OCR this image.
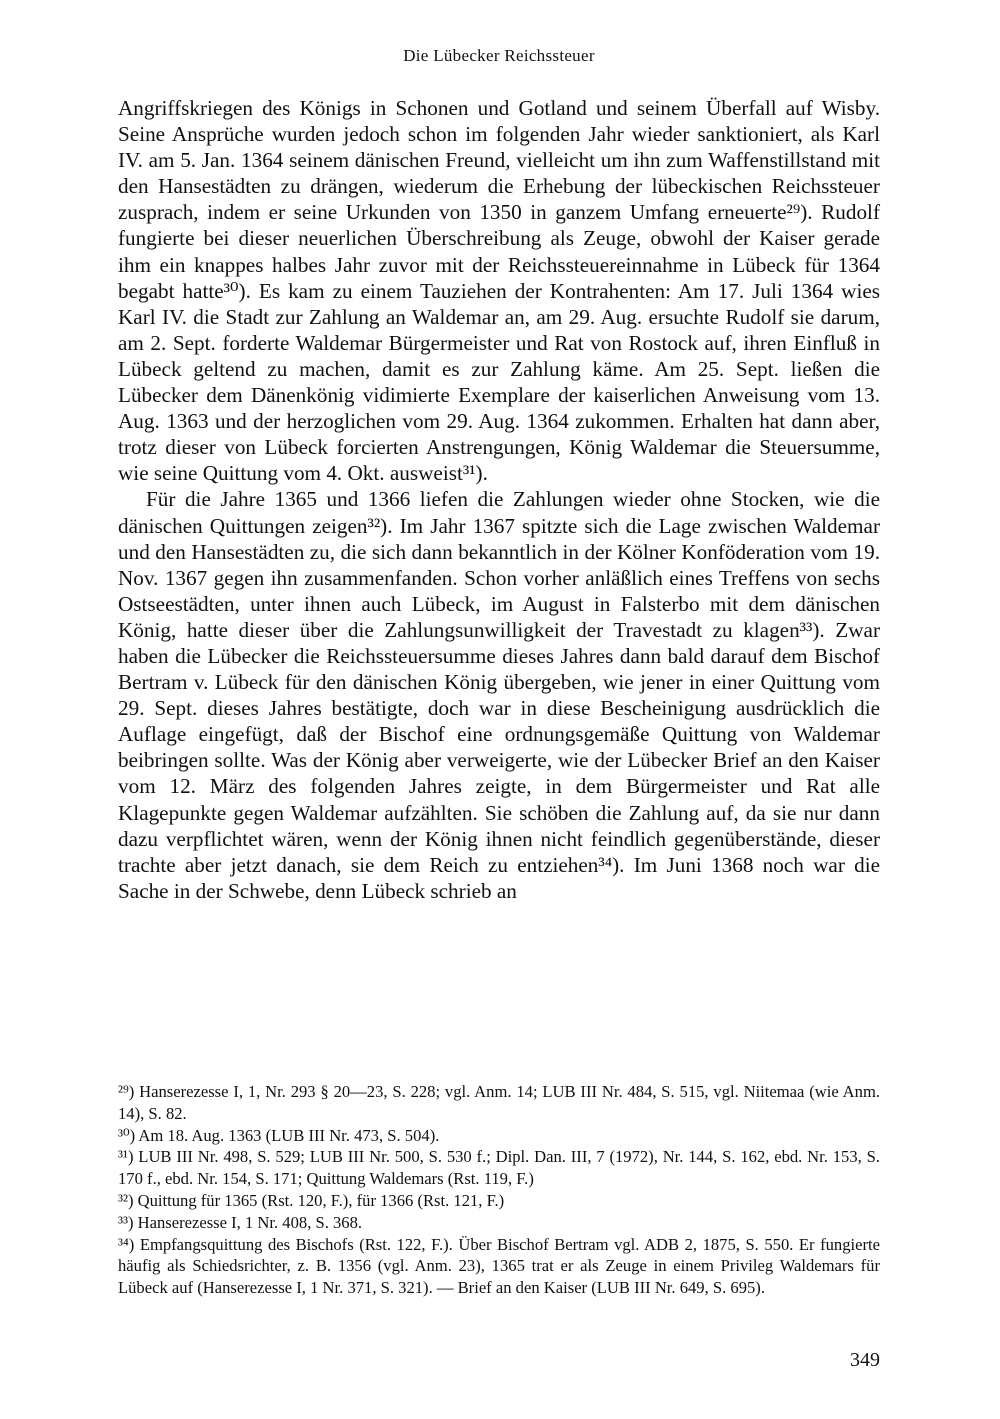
Die Lübecker Reichssteuer

Angriffskriegen des Königs in Schonen und Gotland und seinem Überfall auf Wisby. Seine Ansprüche wurden jedoch schon im folgenden Jahr wieder sanktioniert, als Karl IV. am 5. Jan. 1364 seinem dänischen Freund, vielleicht um ihn zum Waffenstillstand mit den Hansestädten zu drängen, wiederum die Erhebung der lübeckischen Reichssteuer zusprach, indem er seine Urkunden von 1350 in ganzem Umfang erneuerte²⁹). Rudolf fungierte bei dieser neuerlichen Überschreibung als Zeuge, obwohl der Kaiser gerade ihm ein knappes halbes Jahr zuvor mit der Reichssteuereinnahme in Lübeck für 1364 begabt hatte³⁰). Es kam zu einem Tauziehen der Kontrahenten: Am 17. Juli 1364 wies Karl IV. die Stadt zur Zahlung an Waldemar an, am 29. Aug. ersuchte Rudolf sie darum, am 2. Sept. forderte Waldemar Bürgermeister und Rat von Rostock auf, ihren Einfluß in Lübeck geltend zu machen, damit es zur Zahlung käme. Am 25. Sept. ließen die Lübecker dem Dänenkönig vidimierte Exemplare der kaiserlichen Anweisung vom 13. Aug. 1363 und der herzoglichen vom 29. Aug. 1364 zukommen. Erhalten hat dann aber, trotz dieser von Lübeck forcierten Anstrengungen, König Waldemar die Steuersumme, wie seine Quittung vom 4. Okt. ausweist³¹).

Für die Jahre 1365 und 1366 liefen die Zahlungen wieder ohne Stocken, wie die dänischen Quittungen zeigen³²). Im Jahr 1367 spitzte sich die Lage zwischen Waldemar und den Hansestädten zu, die sich dann bekanntlich in der Kölner Konföderation vom 19. Nov. 1367 gegen ihn zusammenfanden. Schon vorher anläßlich eines Treffens von sechs Ostseestädten, unter ihnen auch Lübeck, im August in Falsterbo mit dem dänischen König, hatte dieser über die Zahlungsunwilligkeit der Travestadt zu klagen³³). Zwar haben die Lübecker die Reichssteuersumme dieses Jahres dann bald darauf dem Bischof Bertram v. Lübeck für den dänischen König übergeben, wie jener in einer Quittung vom 29. Sept. dieses Jahres bestätigte, doch war in diese Bescheinigung ausdrücklich die Auflage eingefügt, daß der Bischof eine ordnungsgemäße Quittung von Waldemar beibringen sollte. Was der König aber verweigerte, wie der Lübecker Brief an den Kaiser vom 12. März des folgenden Jahres zeigte, in dem Bürgermeister und Rat alle Klagepunkte gegen Waldemar aufzählten. Sie schöben die Zahlung auf, da sie nur dann dazu verpflichtet wären, wenn der König ihnen nicht feindlich gegenüberstände, dieser trachte aber jetzt danach, sie dem Reich zu entziehen³⁴). Im Juni 1368 noch war die Sache in der Schwebe, denn Lübeck schrieb an

²⁹) Hanserezesse I, 1, Nr. 293 § 20—23, S. 228; vgl. Anm. 14; LUB III Nr. 484, S. 515, vgl. Niitemaa (wie Anm. 14), S. 82.

³⁰) Am 18. Aug. 1363 (LUB III Nr. 473, S. 504).

³¹) LUB III Nr. 498, S. 529; LUB III Nr. 500, S. 530 f.; Dipl. Dan. III, 7 (1972), Nr. 144, S. 162, ebd. Nr. 153, S. 170 f., ebd. Nr. 154, S. 171; Quittung Waldemars (Rst. 119, F.)

³²) Quittung für 1365 (Rst. 120, F.), für 1366 (Rst. 121, F.)

³³) Hanserezesse I, 1 Nr. 408, S. 368.

³⁴) Empfangsquittung des Bischofs (Rst. 122, F.). Über Bischof Bertram vgl. ADB 2, 1875, S. 550. Er fungierte häufig als Schiedsrichter, z. B. 1356 (vgl. Anm. 23), 1365 trat er als Zeuge in einem Privileg Waldemars für Lübeck auf (Hanserezesse I, 1 Nr. 371, S. 321). — Brief an den Kaiser (LUB III Nr. 649, S. 695).

349
